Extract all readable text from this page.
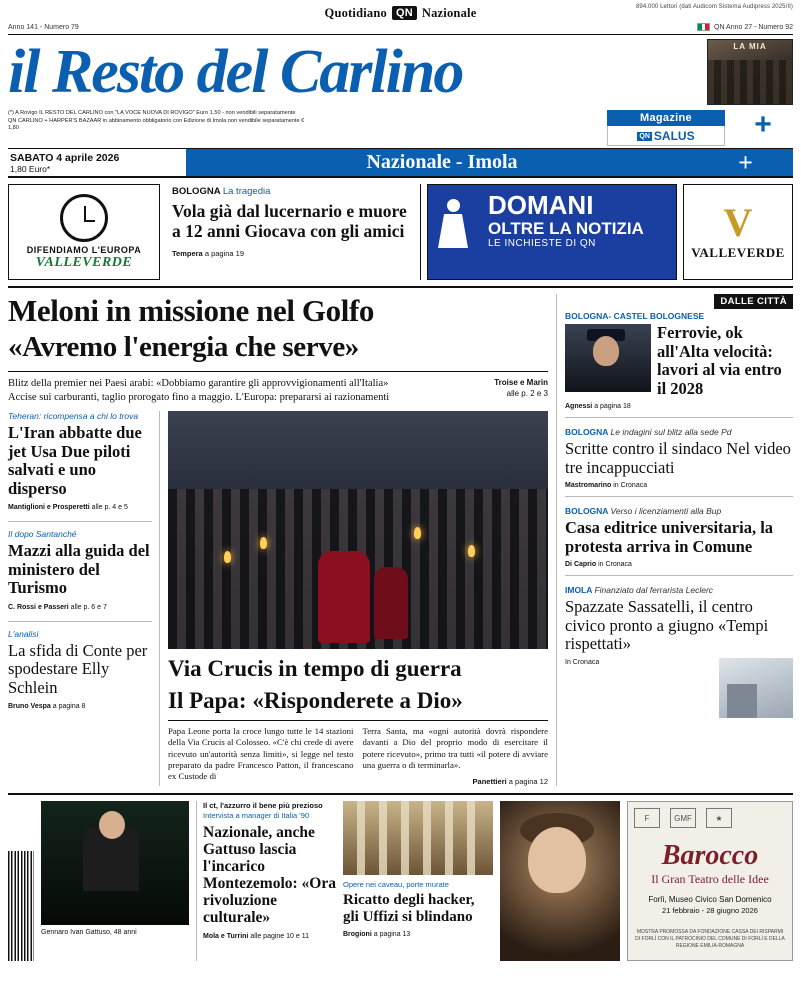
Quotidiano QN Nazionale	894.000 Lettori (dati Audicom Sistema Audipress 2025/II)
Anno 141 - Numero 79	QN Anno 27 - Numero 92
il Resto del Carlino	LA MIA
(*) A Rovigo IL RESTO DEL CARLINO con "LA VOCE NUOVA DI ROVIGO" Euro 1,50 - non vendibili separatamente
QN CARLINO + HARPER'S BAZAAR in abbinamento obbligatorio con Edizione di Imola non vendibile separatamente € 1,80
Magazine
QN SALUS	+
SABATO 4 aprile 2026
1,80 Euro*	Nazionale - Imola	+
DIFENDIAMO L'EUROPA
VALLEVERDE
BOLOGNA La tragedia
Vola già dal lucernario e muore a 12 anni Giocava con gli amici
Tempera a pagina 19
DOMANI
OLTRE LA NOTIZIA
LE INCHIESTE DI QN	V
VALLEVERDE
Meloni in missione nel Golfo
«Avremo l'energia che serve»

Blitz della premier nei Paesi arabi: «Dobbiamo garantire gli approvvigionamenti all'Italia»
Accise sui carburanti, taglio prorogato fino a maggio. L'Europa: prepararsi ai razionamenti

Troise e Marin
alle p. 2 e 3
Teheran: ricompensa a chi lo trova
L'Iran abbatte due jet Usa Due piloti salvati e uno disperso
Mantiglioni e Prosperetti alle p. 4 e 5
Il dopo Santanché
Mazzi alla guida del ministero del Turismo
C. Rossi e Passeri alle p. 6 e 7
L'analisi
La sfida di Conte per spodestare Elly Schlein
Bruno Vespa a pagina 8
Via Crucis in tempo di guerra
Il Papa: «Risponderete a Dio»

Papa Leone porta la croce lungo tutte le 14 stazioni della Via Crucis al Colosseo. «C'è chi crede di avere ricevuto un'autorità senza limiti», si legge nel testo preparato da padre Francesco Patton, il francescano ex Custode di

Terra Santa, ma «ogni autorità dovrà rispondere davanti a Dio del proprio modo di esercitare il potere ricevuto», primo tra tutti «il potere di avviare una guerra o di terminarla».

Panettieri a pagina 12
DALLE CITTÀ
BOLOGNA- CASTEL BOLOGNESE
Ferrovie, ok all'Alta velocità: lavori al via entro il 2028
Agnessi a pagina 18
BOLOGNA Le indagini sul blitz alla sede Pd
Scritte contro il sindaco Nel video tre incappucciati
Mastromarino in Cronaca
BOLOGNA Verso i licenziamenti alla Bup
Casa editrice universitaria, la protesta arriva in Comune
Di Caprio in Cronaca
IMOLA Finanziato dal ferrarista Leclerc
Spazzate Sassatelli, il centro civico pronto a giugno «Tempi rispettati»
In Cronaca
Gennaro Ivan Gattuso, 48 anni
Il ct, l'azzurro il bene più prezioso
Intervista a manager di Italia '90
Nazionale, anche Gattuso lascia l'incarico Montezemolo: «Ora rivoluzione culturale»
Mola e Turrini alle pagine 10 e 11
Opere nei caveau, porte murate
Ricatto degli hacker, gli Uffizi si blindano
Brogioni a pagina 13
F	GMF	★
Barocco
Il Gran Teatro delle Idee
Forlì, Museo Civico San Domenico
21 febbraio - 28 giugno 2026
MOSTRA PROMOSSA DA FONDAZIONE CASSA DEI RISPARMI DI FORLÌ CON IL PATROCINIO DEL COMUNE DI FORLÌ E DELLA REGIONE EMILIA-ROMAGNA
